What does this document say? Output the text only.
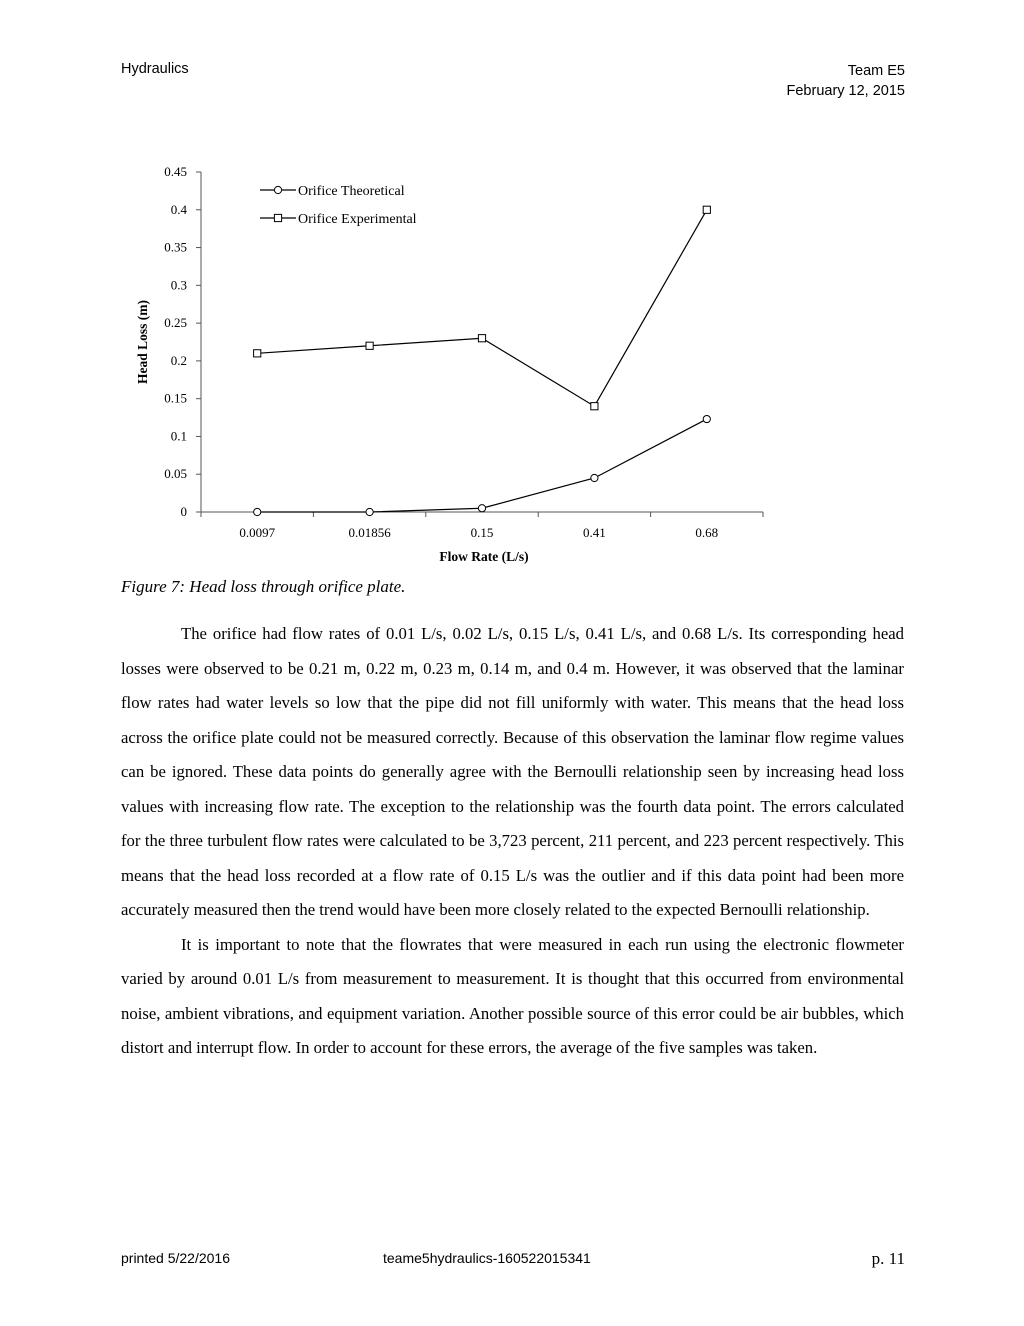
Hydraulics	Team E5
February 12, 2015
0
0.05
0.1
0.15
0.2
0.25
0.3
0.35
0.4
0.45
0.0097	0.01856	0.15	0.41	0.68
Flow Rate (L/s)
Head Loss (m)
Orifice Theoretical
Orifice Experimental
Figure 7: Head loss through orifice plate.

The orifice had flow rates of 0.01 L/s, 0.02 L/s, 0.15 L/s, 0.41 L/s, and 0.68 L/s. Its corresponding head losses were observed to be 0.21 m, 0.22 m, 0.23 m, 0.14 m, and 0.4 m. However, it was observed that the laminar flow rates had water levels so low that the pipe did not fill uniformly with water. This means that the head loss across the orifice plate could not be measured correctly. Because of this observation the laminar flow regime values can be ignored. These data points do generally agree with the Bernoulli relationship seen by increasing head loss values with increasing flow rate. The exception to the relationship was the fourth data point. The errors calculated for the three turbulent flow rates were calculated to be 3,723 percent, 211 percent, and 223 percent respectively. This means that the head loss recorded at a flow rate of 0.15 L/s was the outlier and if this data point had been more accurately measured then the trend would have been more closely related to the expected Bernoulli relationship.

It is important to note that the flowrates that were measured in each run using the electronic flowmeter varied by around 0.01 L/s from measurement to measurement. It is thought that this occurred from environmental noise, ambient vibrations, and equipment variation. Another possible source of this error could be air bubbles, which distort and interrupt flow. In order to account for these errors, the average of the five samples was taken.

printed 5/22/2016	teame5hydraulics-160522015341	p. 11
